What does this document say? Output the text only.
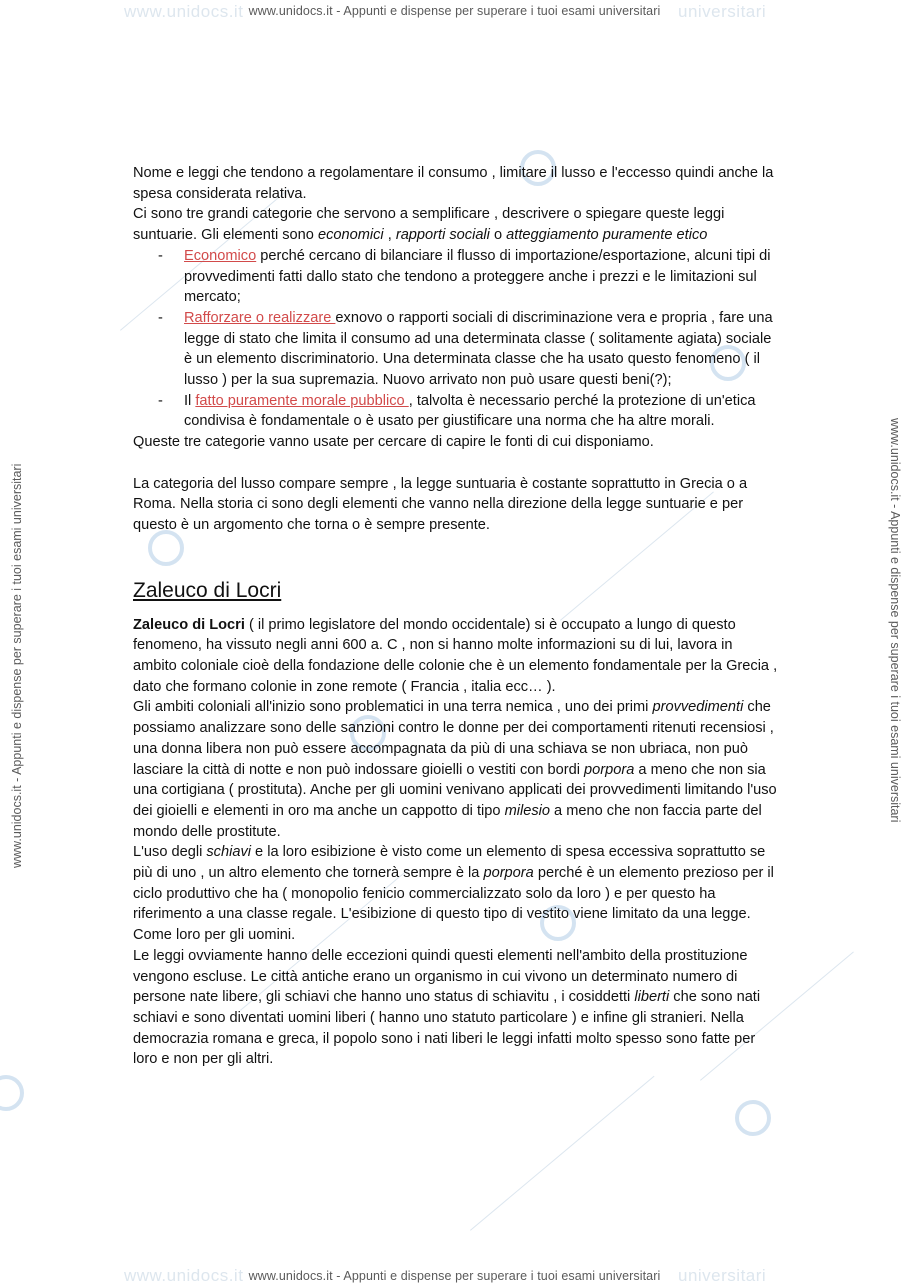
www.unidocs.it	universitari
www.unidocs.it	universitari
www.unidocs.it - Appunti e dispense per superare i tuoi esami universitari
www.unidocs.it - Appunti e dispense per superare i tuoi esami universitari
www.unidocs.it - Appunti e dispense per superare i tuoi esami universitari	www.unidocs.it - Appunti e dispense per superare i tuoi esami universitari

Nome e leggi che tendono a regolamentare il consumo , limitare il lusso e l'eccesso quindi anche la spesa considerata relativa.

Ci sono tre grandi categorie che servono a semplificare , descrivere o spiegare queste leggi suntuarie. Gli elementi sono economici , rapporti sociali o atteggiamento puramente etico

- Economico perché cercano di bilanciare il flusso di importazione/esportazione, alcuni tipi di provvedimenti fatti dallo stato che tendono a proteggere anche i prezzi e le limitazioni sul mercato;
- Rafforzare o realizzare exnovo o rapporti sociali di discriminazione vera e propria , fare una legge di stato che limita il consumo ad una determinata classe ( solitamente agiata) sociale è un elemento discriminatorio. Una determinata classe che ha usato questo fenomeno ( il lusso ) per la sua supremazia. Nuovo arrivato non può usare questi beni(?);
- Il fatto puramente morale pubblico , talvolta è necessario perché la protezione di un'etica condivisa è fondamentale o è usato per giustificare una norma che ha altre morali.

Queste tre categorie vanno usate per cercare di capire le fonti di cui disponiamo.

La categoria del lusso compare sempre , la legge suntuaria è costante soprattutto in Grecia o a Roma. Nella storia ci sono degli elementi che vanno nella direzione della legge suntuarie e per questo è un argomento che torna o è sempre presente.

Zaleuco di Locri

Zaleuco di Locri ( il primo legislatore del mondo occidentale) si è occupato a lungo di questo fenomeno, ha vissuto negli anni 600 a. C , non si hanno molte informazioni su di lui, lavora in ambito coloniale cioè della fondazione delle colonie che è un elemento fondamentale per la Grecia , dato che formano colonie in zone remote ( Francia , italia ecc… ).

Gli ambiti coloniali all'inizio sono problematici in una terra nemica , uno dei primi provvedimenti che possiamo analizzare sono delle sanzioni contro le donne per dei comportamenti ritenuti recensiosi , una donna libera non può essere accompagnata da più di una schiava se non ubriaca, non può lasciare la città di notte e non può indossare gioielli o vestiti con bordi porpora a meno che non sia una cortigiana ( prostituta). Anche per gli uomini venivano applicati dei provvedimenti limitando l'uso dei gioielli e elementi in oro ma anche un cappotto di tipo milesio a meno che non faccia parte del mondo delle prostitute.

L'uso degli schiavi e la loro esibizione è visto come un elemento di spesa eccessiva soprattutto se più di uno , un altro elemento che tornerà sempre è la porpora perché è un elemento prezioso per il ciclo produttivo che ha ( monopolio fenicio commercializzato solo da loro ) e per questo ha riferimento a una classe regale. L'esibizione di questo tipo di vestito viene limitato da una legge. Come loro per gli uomini.

Le leggi ovviamente hanno delle eccezioni quindi questi elementi nell'ambito della prostituzione vengono escluse. Le città antiche erano un organismo in cui vivono un determinato numero di persone nate libere, gli schiavi che hanno uno status di schiavitu , i cosiddetti liberti che sono nati schiavi e sono diventati uomini liberi ( hanno uno statuto particolare ) e infine gli stranieri. Nella democrazia romana e greca, il popolo sono i nati liberi le leggi infatti molto spesso sono fatte per loro e non per gli altri.
